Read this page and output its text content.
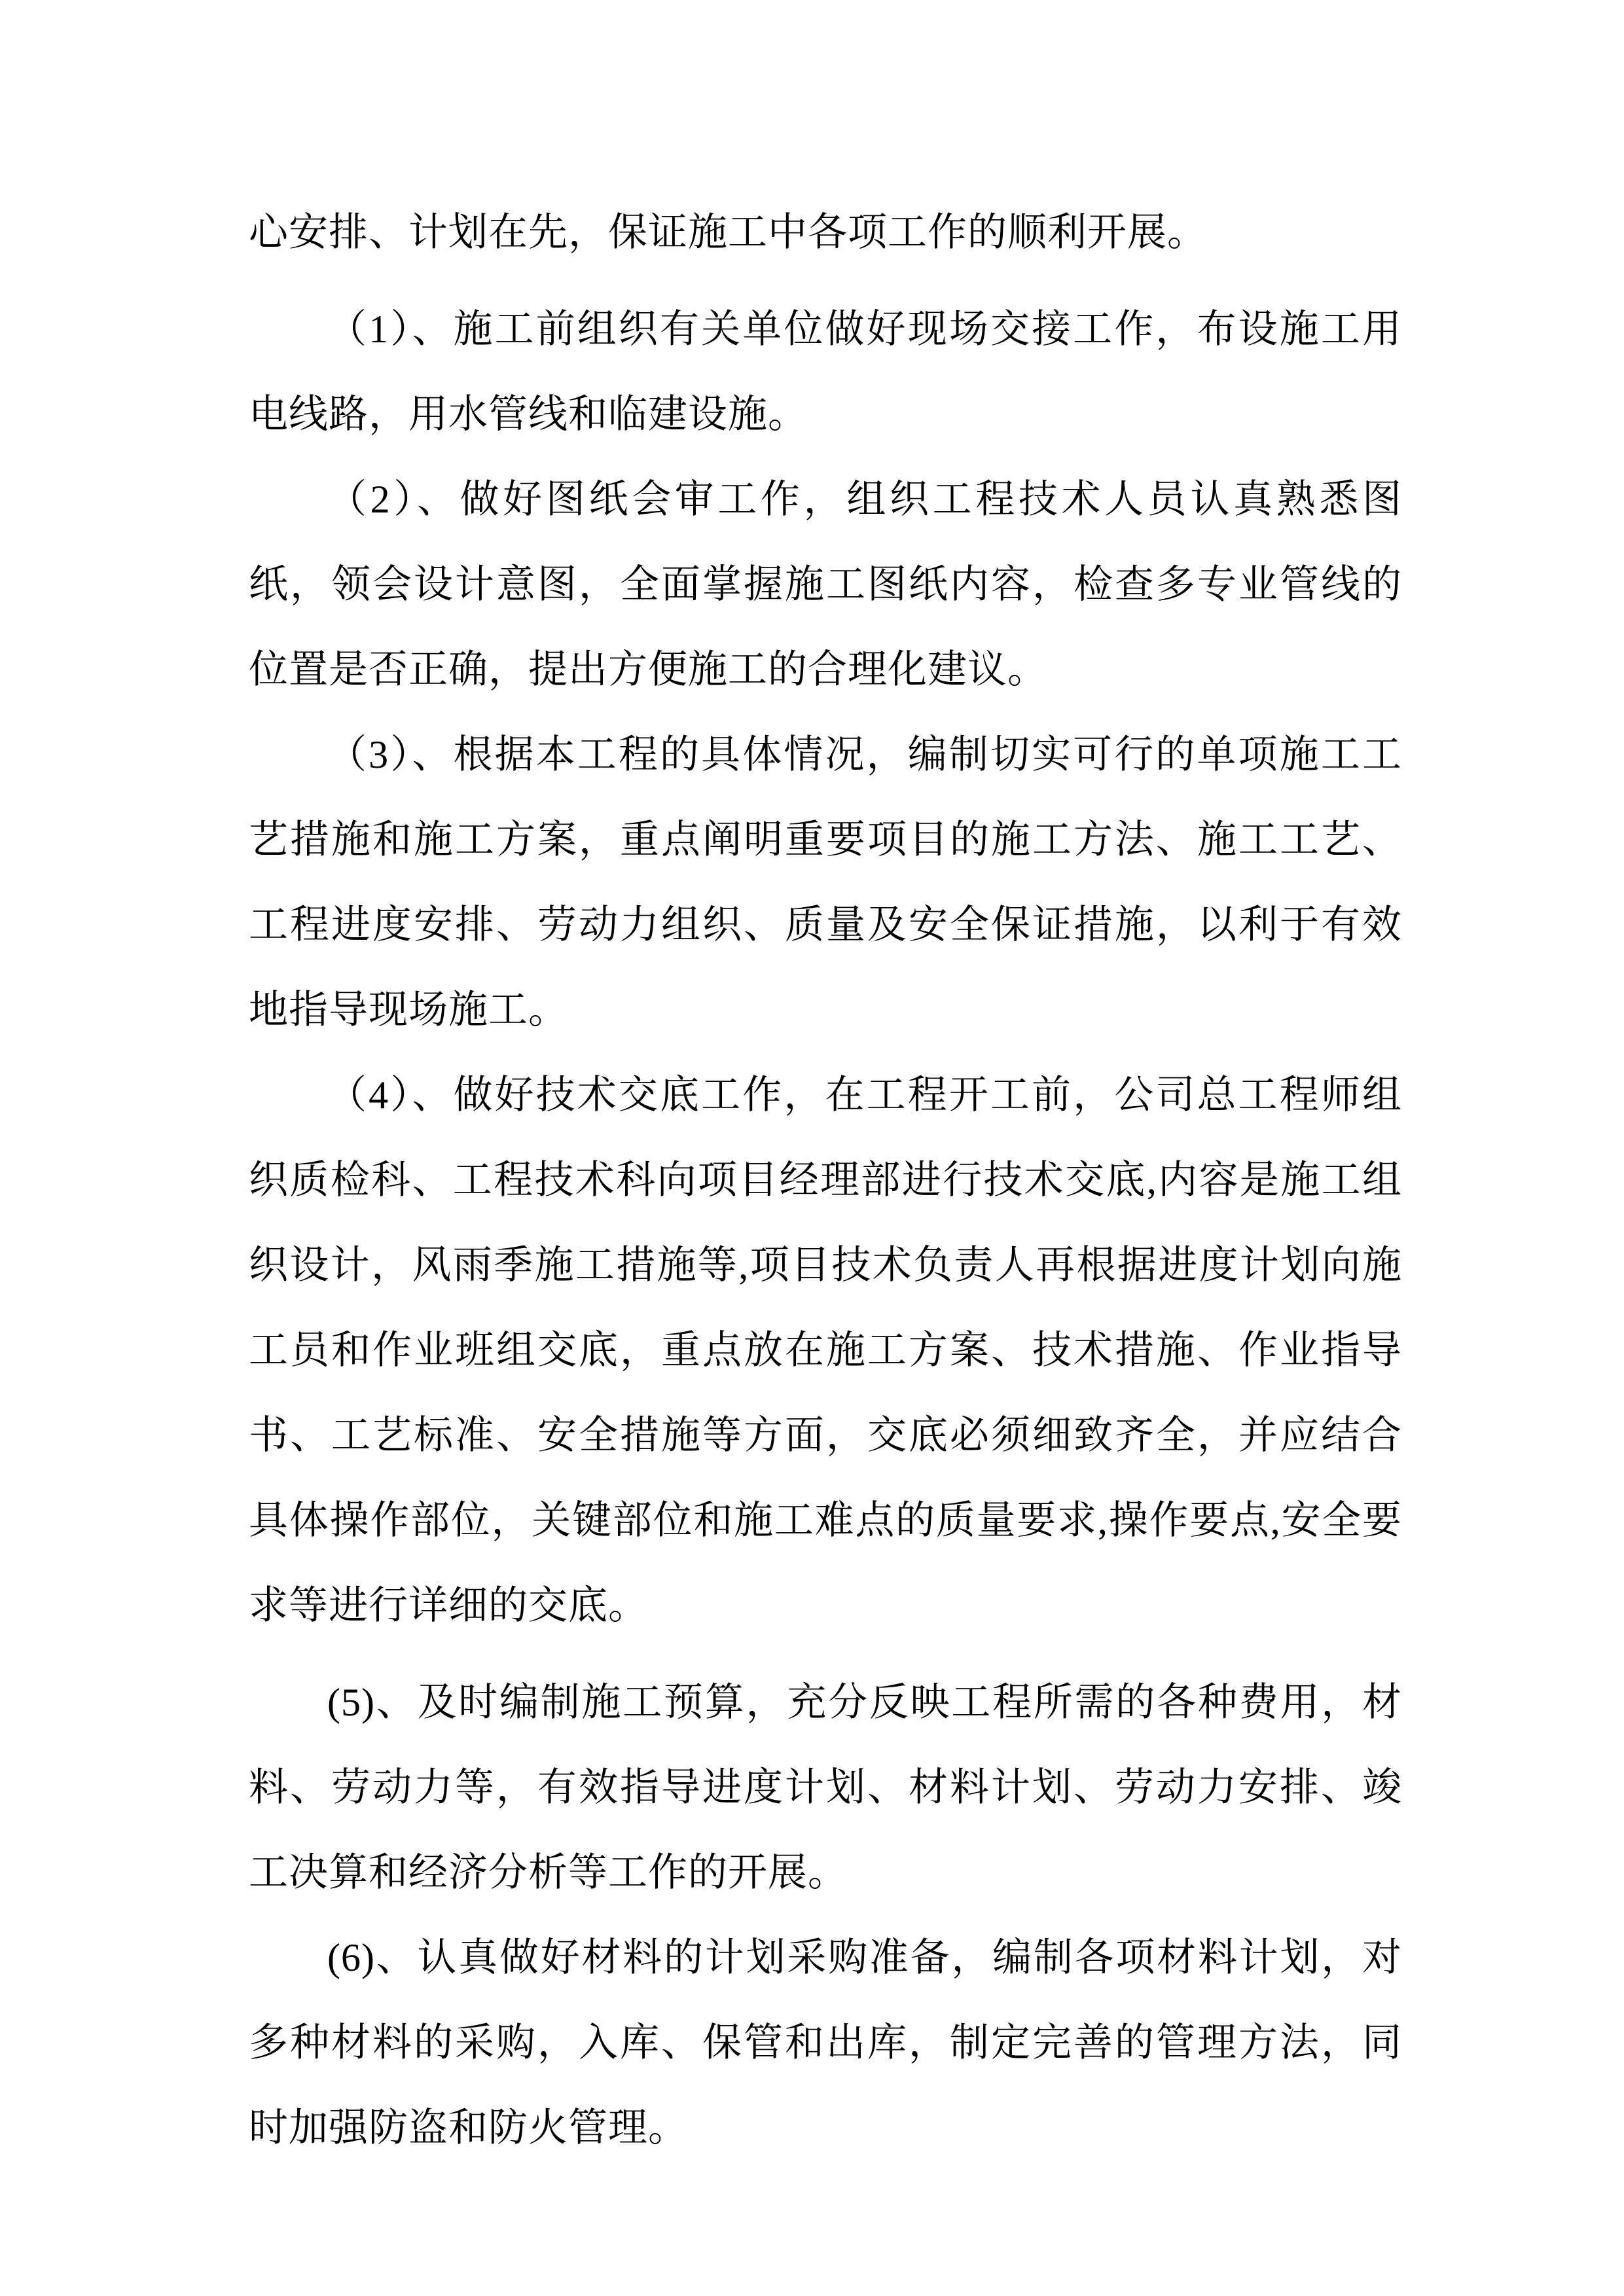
心安排、计划在先，保证施工中各项工作的顺利开展。

（1）、施工前组织有关单位做好现场交接工作，布设施工用电线路，用水管线和临建设施。

（2）、做好图纸会审工作，组织工程技术人员认真熟悉图纸，领会设计意图，全面掌握施工图纸内容，检查多专业管线的位置是否正确，提出方便施工的合理化建议。

（3）、根据本工程的具体情况，编制切实可行的单项施工工艺措施和施工方案，重点阐明重要项目的施工方法、施工工艺、工程进度安排、劳动力组织、质量及安全保证措施，以利于有效地指导现场施工。

（4）、做好技术交底工作，在工程开工前，公司总工程师组织质检科、工程技术科向项目经理部进行技术交底,内容是施工组织设计，风雨季施工措施等,项目技术负责人再根据进度计划向施工员和作业班组交底，重点放在施工方案、技术措施、作业指导书、工艺标准、安全措施等方面，交底必须细致齐全，并应结合具体操作部位，关键部位和施工难点的质量要求,操作要点,安全要求等进行详细的交底。

(5)、及时编制施工预算，充分反映工程所需的各种费用，材料、劳动力等，有效指导进度计划、材料计划、劳动力安排、竣工决算和经济分析等工作的开展。

(6)、认真做好材料的计划采购准备，编制各项材料计划，对多种材料的采购，入库、保管和出库，制定完善的管理方法，同时加强防盗和防火管理。
